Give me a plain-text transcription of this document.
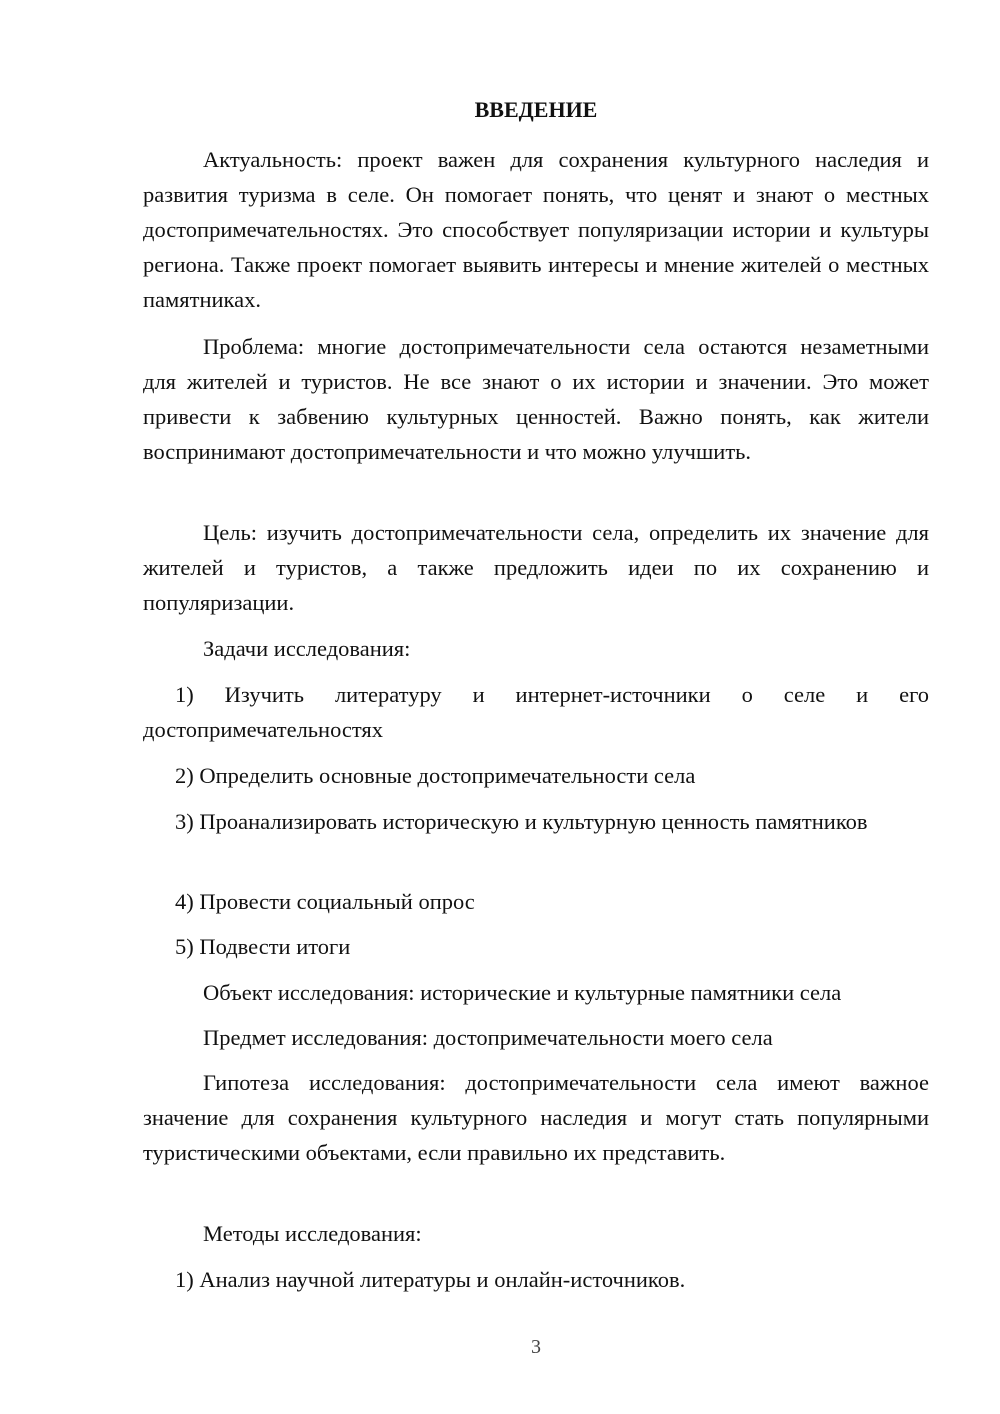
ВВЕДЕНИЕ

Актуальность: проект важен для сохранения культурного наследия и развития туризма в селе. Он помогает понять, что ценят и знают о местных достопримечательностях. Это способствует популяризации истории и культуры региона. Также проект помогает выявить интересы и мнение жителей о местных памятниках.

Проблема: многие достопримечательности села остаются незаметными для жителей и туристов. Не все знают о их истории и значении. Это может привести к забвению культурных ценностей. Важно понять, как жители воспринимают достопримечательности и что можно улучшить.

Цель: изучить достопримечательности села, определить их значение для жителей и туристов, а также предложить идеи по их сохранению и популяризации.

Задачи исследования:

1) Изучить литературу и интернет-источники о селе и его достопримечательностях

2) Определить основные достопримечательности села

3) Проанализировать историческую и культурную ценность памятников

4) Провести социальный опрос

5) Подвести итоги

Объект исследования: исторические и культурные памятники села

Предмет исследования: достопримечательности моего села

Гипотеза исследования: достопримечательности села имеют важное значение для сохранения культурного наследия и могут стать популярными туристическими объектами, если правильно их представить.

Методы исследования:

1) Анализ научной литературы и онлайн-источников.

3
